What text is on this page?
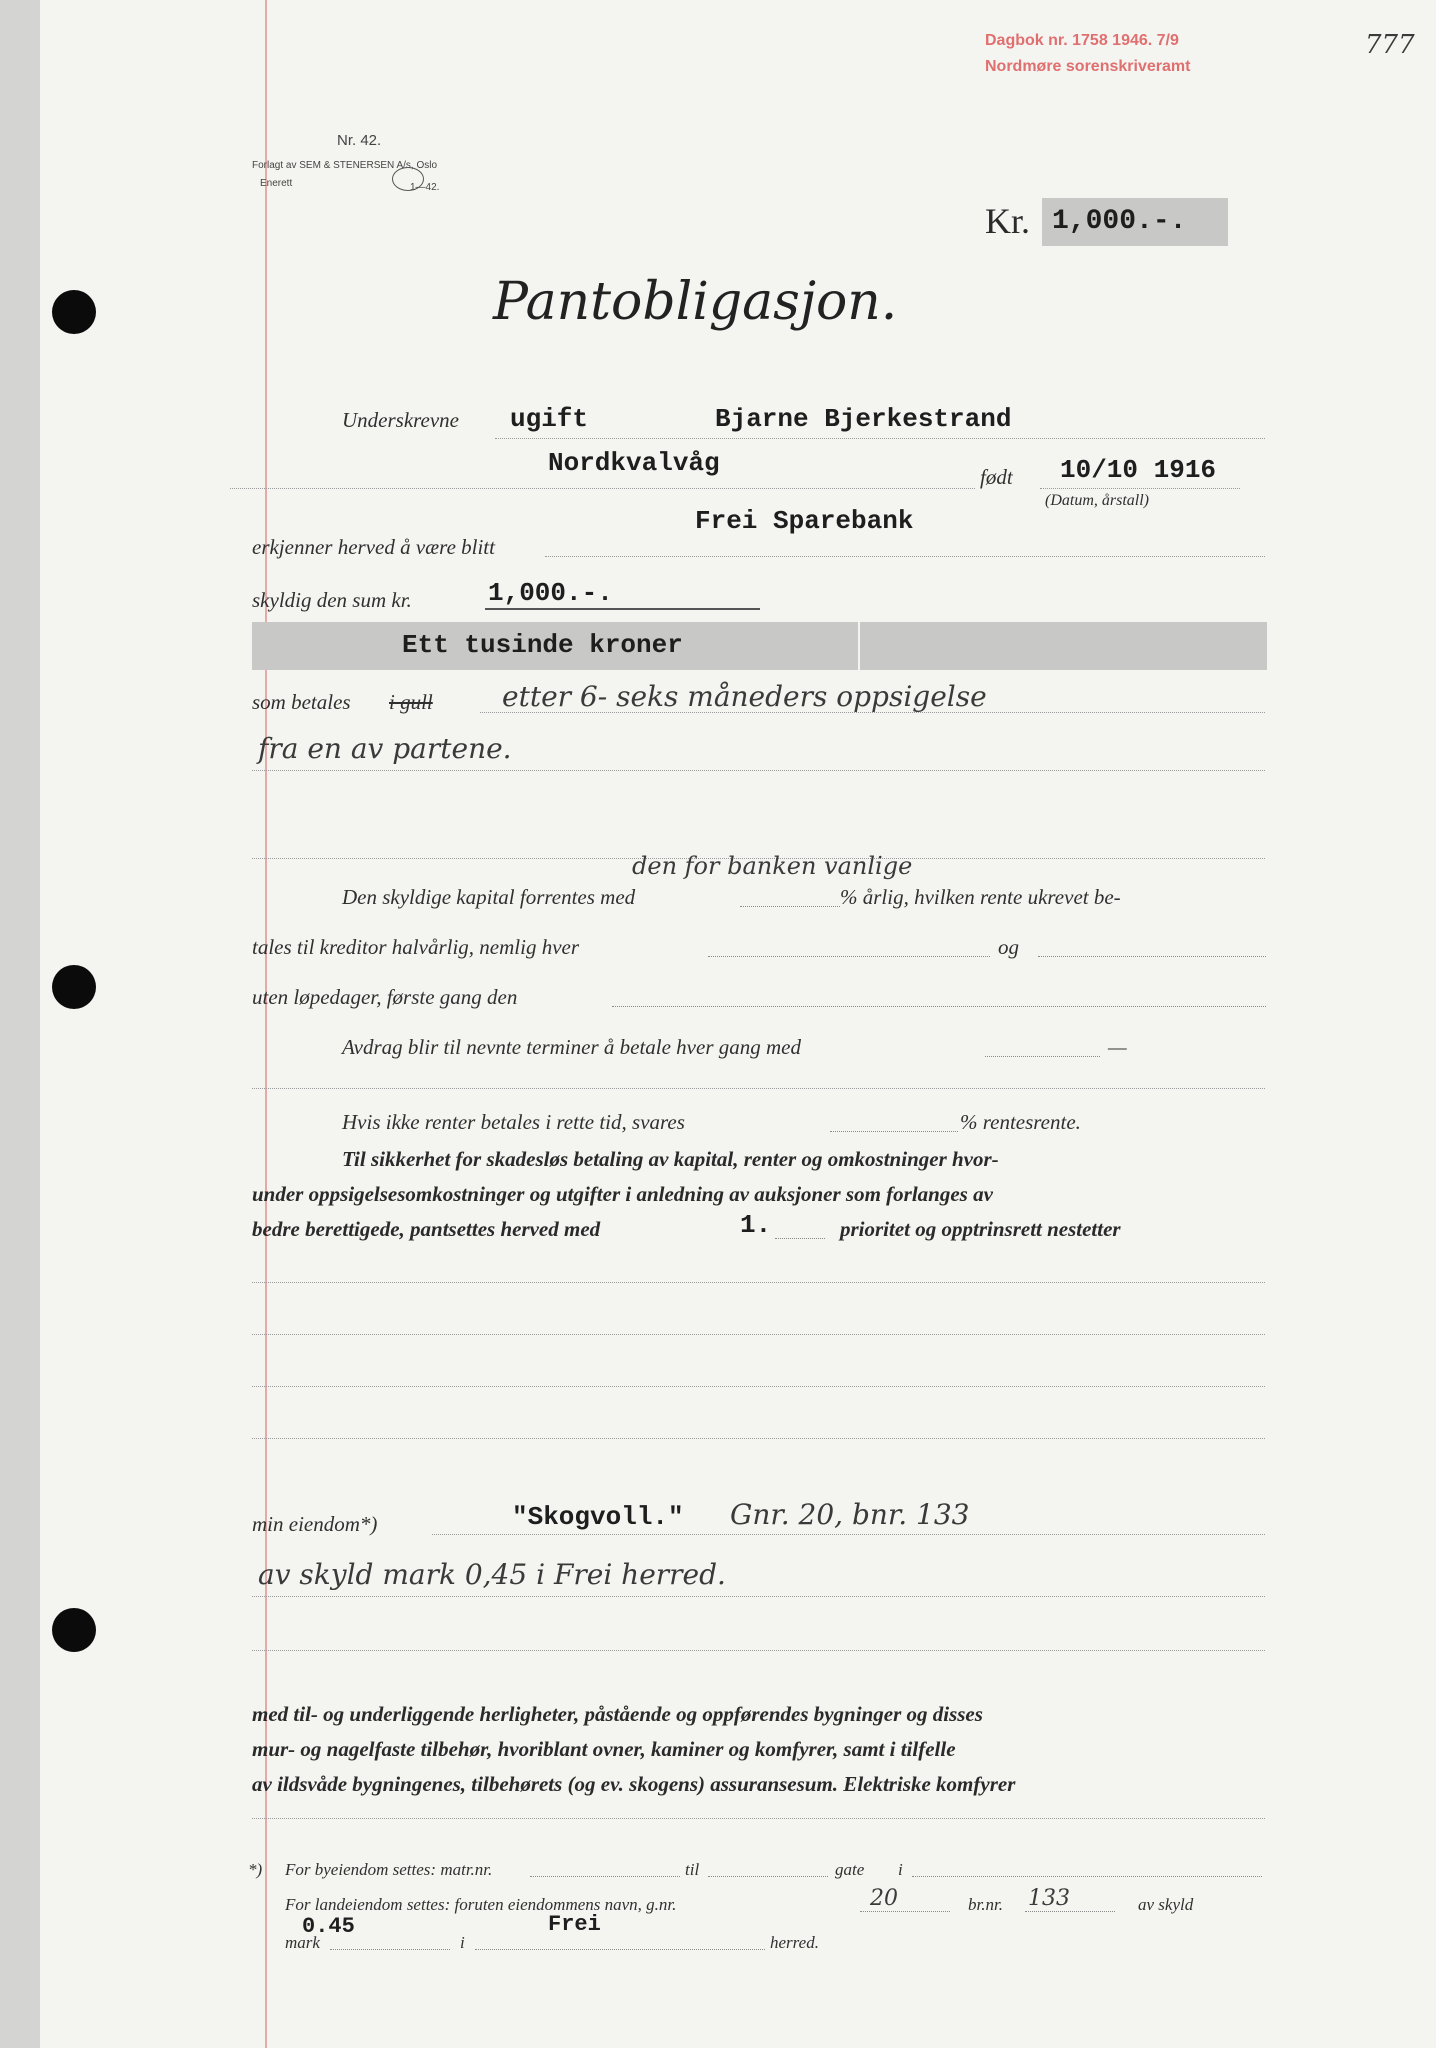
Dagbok nr. 1758 1946. 7/9
Nordmøre sorenskriveramt
777
Nr. 42.
Forlagt av SEM & STENERSEN A/s, Oslo
Enerett	1—42.
Kr. 1,000.-.
Pantobligasjon.
Underskrevne ugift	Bjarne Bjerkestrand
Nordkvalvåg	født 10/10 1916
(Datum, årstall)
Frei Sparebank
erkjenner herved å være blitt
skyldig den sum kr.	1,000.-.
Ett tusinde kroner
som betales i gull etter 6- seks måneders oppsigelse
fra en av partene.
den for banken vanlige
Den skyldige kapital forrentes med	% årlig, hvilken rente ukrevet be-
tales til kreditor halvårlig, nemlig hver	og
uten løpedager, første gang den
Avdrag blir til nevnte terminer å betale hver gang med	—
Hvis ikke renter betales i rette tid, svares	% rentesrente.
Til sikkerhet for skadesløs betaling av kapital, renter og omkostninger hvor-
under oppsigelsesomkostninger og utgifter i anledning av auksjoner som forlanges av
bedre berettigede, pantsettes herved med	1.	prioritet og opptrinsrett nestetter
min eiendom*)	"Skogvoll." Gnr. 20, bnr. 133
av skyld mark 0,45 i Frei herred.
med til- og underliggende herligheter, påstående og oppførendes bygninger og disses
mur- og nagelfaste tilbehør, hvoriblant ovner, kaminer og komfyrer, samt i tilfelle
av ildsvåde bygningenes, tilbehørets (og ev. skogens) assuransesum. Elektriske komfyrer
*) For byeiendom settes: matr.nr.	til	gate i
For landeiendom settes: foruten eiendommens navn, g.nr.	20	br.nr. 133	av skyld
0.45	Frei
mark	i	herred.
